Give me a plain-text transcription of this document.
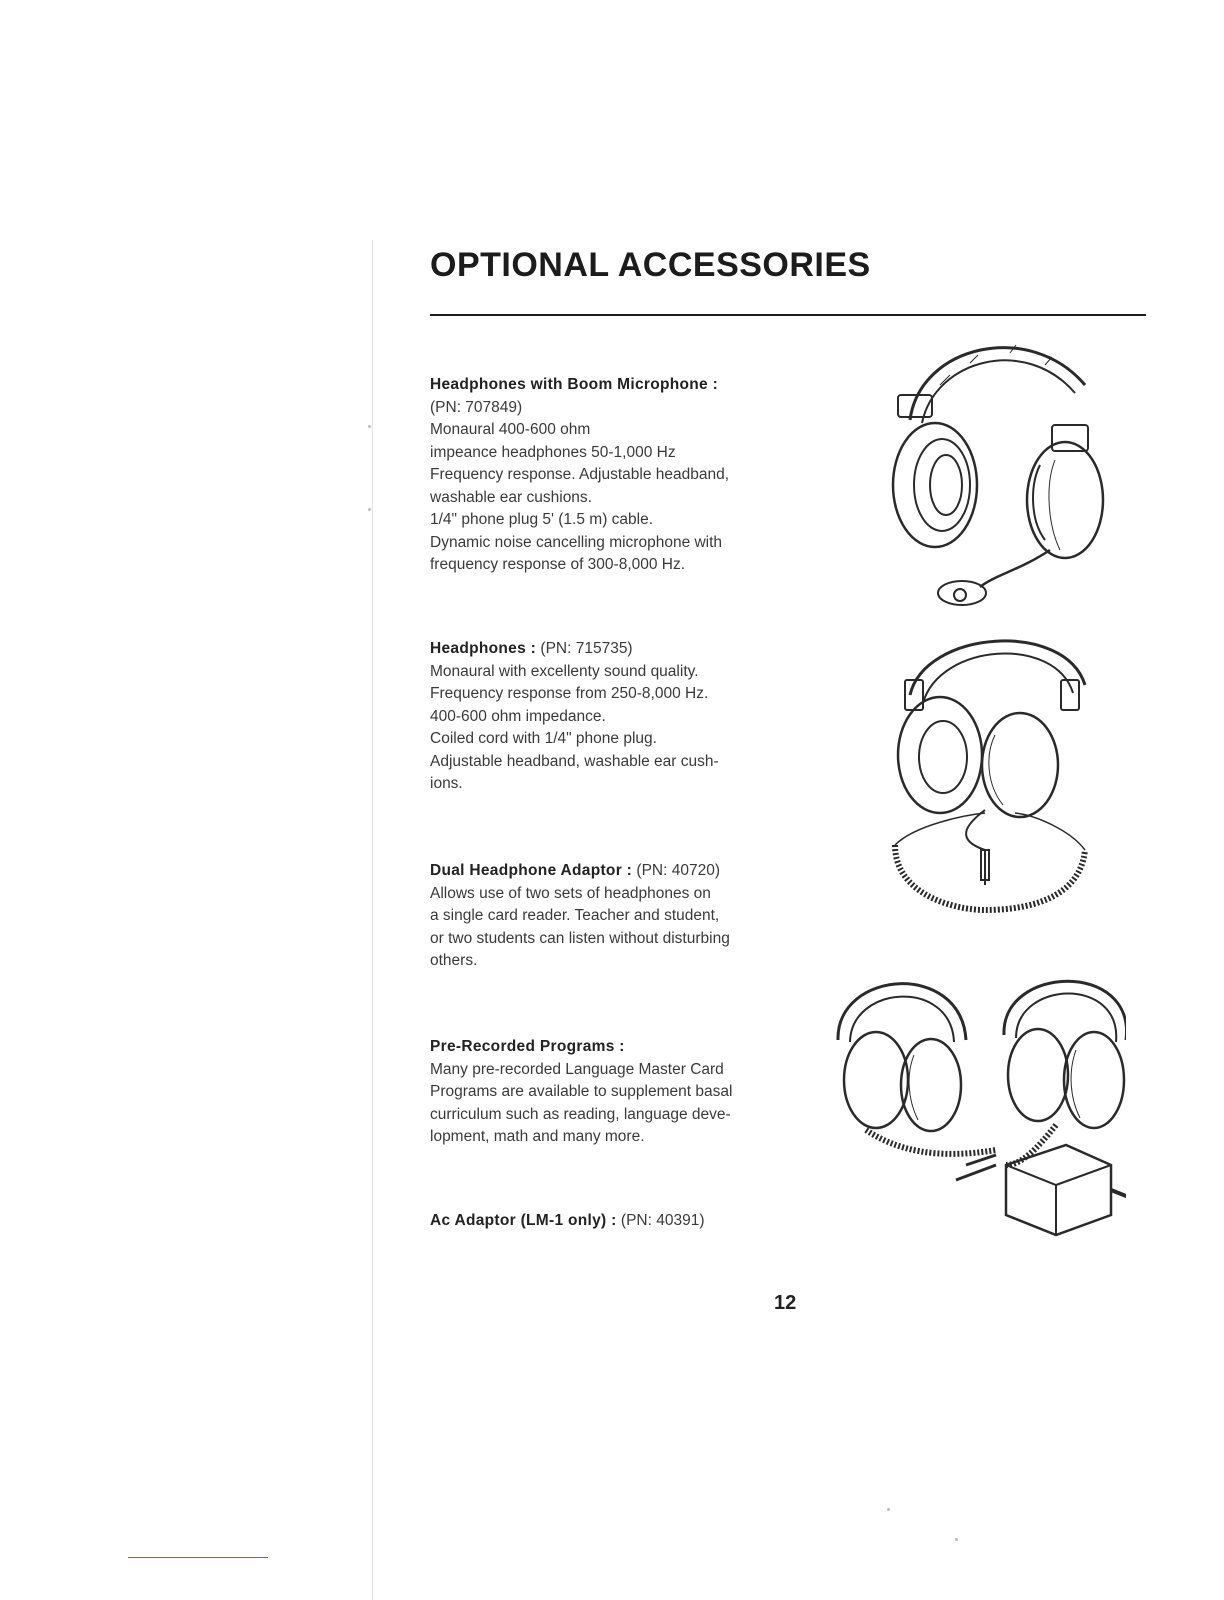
OPTIONAL ACCESSORIES
Headphones with Boom Microphone :
(PN: 707849)
Monaural 400-600 ohm
impeance headphones 50-1,000 Hz
Frequency response. Adjustable headband,
washable ear cushions.
1/4" phone plug 5' (1.5 m) cable.
Dynamic noise cancelling microphone with
frequency response of 300-8,000 Hz.
Headphones : (PN: 715735)
Monaural with excellenty sound quality.
Frequency response from 250-8,000 Hz.
400-600 ohm impedance.
Coiled cord with 1/4" phone plug.
Adjustable headband, washable ear cush-
ions.
Dual Headphone Adaptor : (PN: 40720)
Allows use of two sets of headphones on
a single card reader. Teacher and student,
or two students can listen without disturbing
others.
Pre-Recorded Programs :
Many pre-recorded Language Master Card
Programs are available to supplement basal
curriculum such as reading, language deve-
lopment, math and many more.
Ac Adaptor (LM-1 only) : (PN: 40391)
12
